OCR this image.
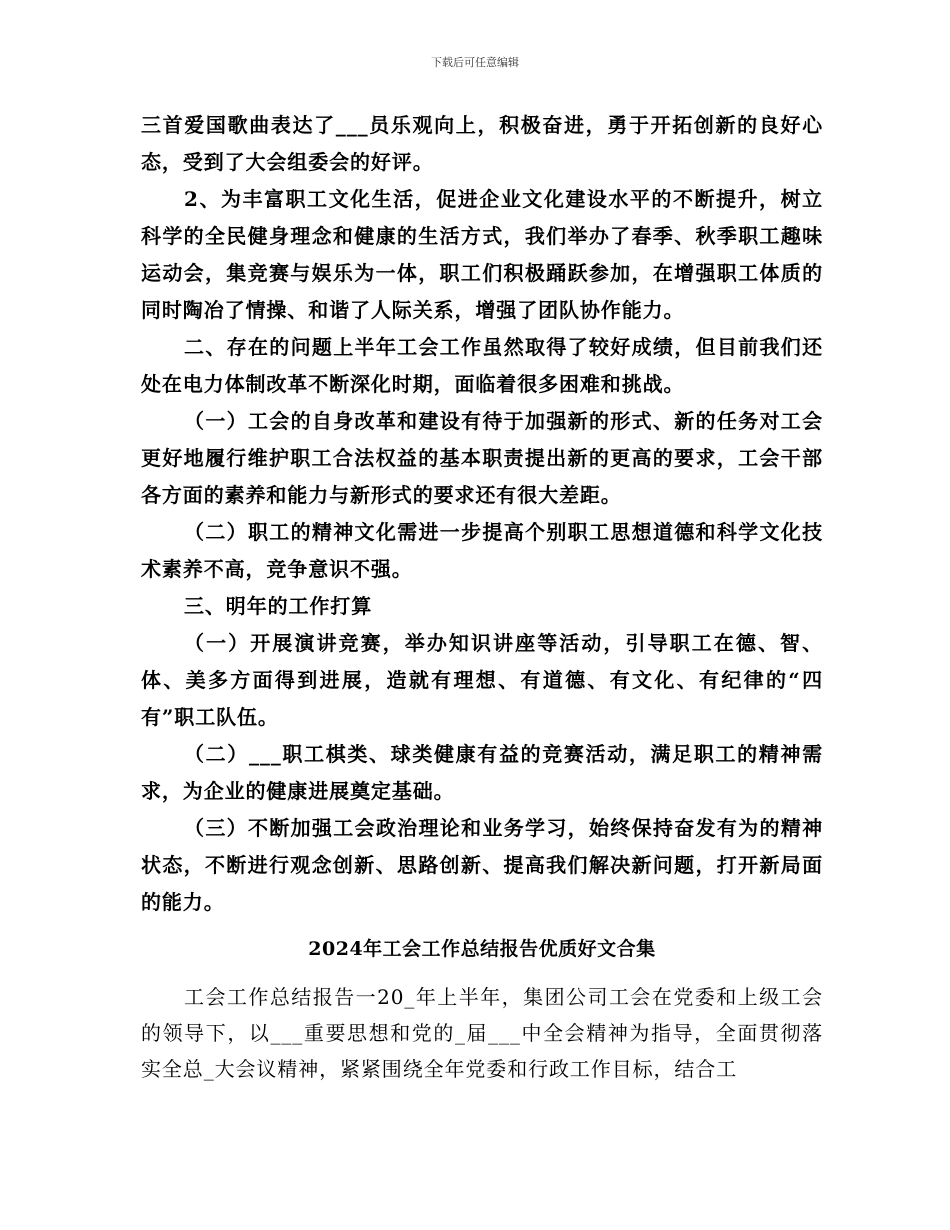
下载后可任意编辑

三首爱国歌曲表达了___员乐观向上，积极奋进，勇于开拓创新的良好心态，受到了大会组委会的好评。

2、为丰富职工文化生活，促进企业文化建设水平的不断提升，树立科学的全民健身理念和健康的生活方式，我们举办了春季、秋季职工趣味运动会，集竞赛与娱乐为一体，职工们积极踊跃参加，在增强职工体质的同时陶冶了情操、和谐了人际关系，增强了团队协作能力。

二、存在的问题上半年工会工作虽然取得了较好成绩，但目前我们还处在电力体制改革不断深化时期，面临着很多困难和挑战。

（一）工会的自身改革和建设有待于加强新的形式、新的任务对工会更好地履行维护职工合法权益的基本职责提出新的更高的要求，工会干部各方面的素养和能力与新形式的要求还有很大差距。

（二）职工的精神文化需进一步提高个别职工思想道德和科学文化技术素养不高，竞争意识不强。

三、明年的工作打算

（一）开展演讲竞赛，举办知识讲座等活动，引导职工在德、智、体、美多方面得到进展，造就有理想、有道德、有文化、有纪律的“四有”职工队伍。

（二）___职工棋类、球类健康有益的竞赛活动，满足职工的精神需求，为企业的健康进展奠定基础。

（三）不断加强工会政治理论和业务学习，始终保持奋发有为的精神状态，不断进行观念创新、思路创新、提高我们解决新问题，打开新局面的能力。

2024年工会工作总结报告优质好文合集

工会工作总结报告一20_年上半年，集团公司工会在党委和上级工会的领导下，以___重要思想和党的_届___中全会精神为指导，全面贯彻落实全总_大会议精神，紧紧围绕全年党委和行政工作目标，结合工
